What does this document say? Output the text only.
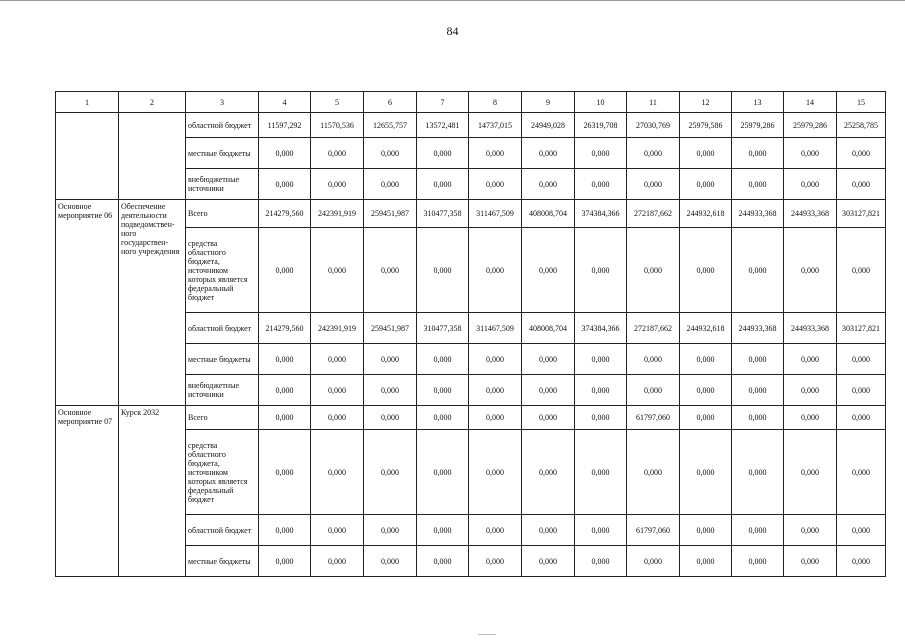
84
1	2	3	4	5	6	7	8	9	10	11	12	13	14	15
		областной бюджет	11597,292	11570,536	12655,757	13572,481	14737,015	24949,028	26319,708	27030,769	25979,586	25979,286	25979,286	25258,785
		местные бюджеты	0,000	0,000	0,000	0,000	0,000	0,000	0,000	0,000	0,000	0,000	0,000	0,000
		внебюджетные источники	0,000	0,000	0,000	0,000	0,000	0,000	0,000	0,000	0,000	0,000	0,000	0,000
Основное мероприятие 06	Обеспечение деятельности подведомствен-ного государствен-ного учреждения	Всего	214279,560	242391,919	259451,987	310477,358	311467,509	408008,704	374384,366	272187,662	244932,618	244933,368	244933,368	303127,821
		средства областного бюджета, источником которых является федеральный бюджет	0,000	0,000	0,000	0,000	0,000	0,000	0,000	0,000	0,000	0,000	0,000	0,000
		областной бюджет	214279,560	242391,919	259451,987	310477,358	311467,509	408008,704	374384,366	272187,662	244932,618	244933,368	244933,368	303127,821
		местные бюджеты	0,000	0,000	0,000	0,000	0,000	0,000	0,000	0,000	0,000	0,000	0,000	0,000
		внебюджетные источники	0,000	0,000	0,000	0,000	0,000	0,000	0,000	0,000	0,000	0,000	0,000	0,000
Основное мероприятие 07	Курск 2032	Всего	0,000	0,000	0,000	0,000	0,000	0,000	0,000	61797,060	0,000	0,000	0,000	0,000
		средства областного бюджета, источником которых является федеральный бюджет	0,000	0,000	0,000	0,000	0,000	0,000	0,000	0,000	0,000	0,000	0,000	0,000
		областной бюджет	0,000	0,000	0,000	0,000	0,000	0,000	0,000	61797,060	0,000	0,000	0,000	0,000
		местные бюджеты	0,000	0,000	0,000	0,000	0,000	0,000	0,000	0,000	0,000	0,000	0,000	0,000
